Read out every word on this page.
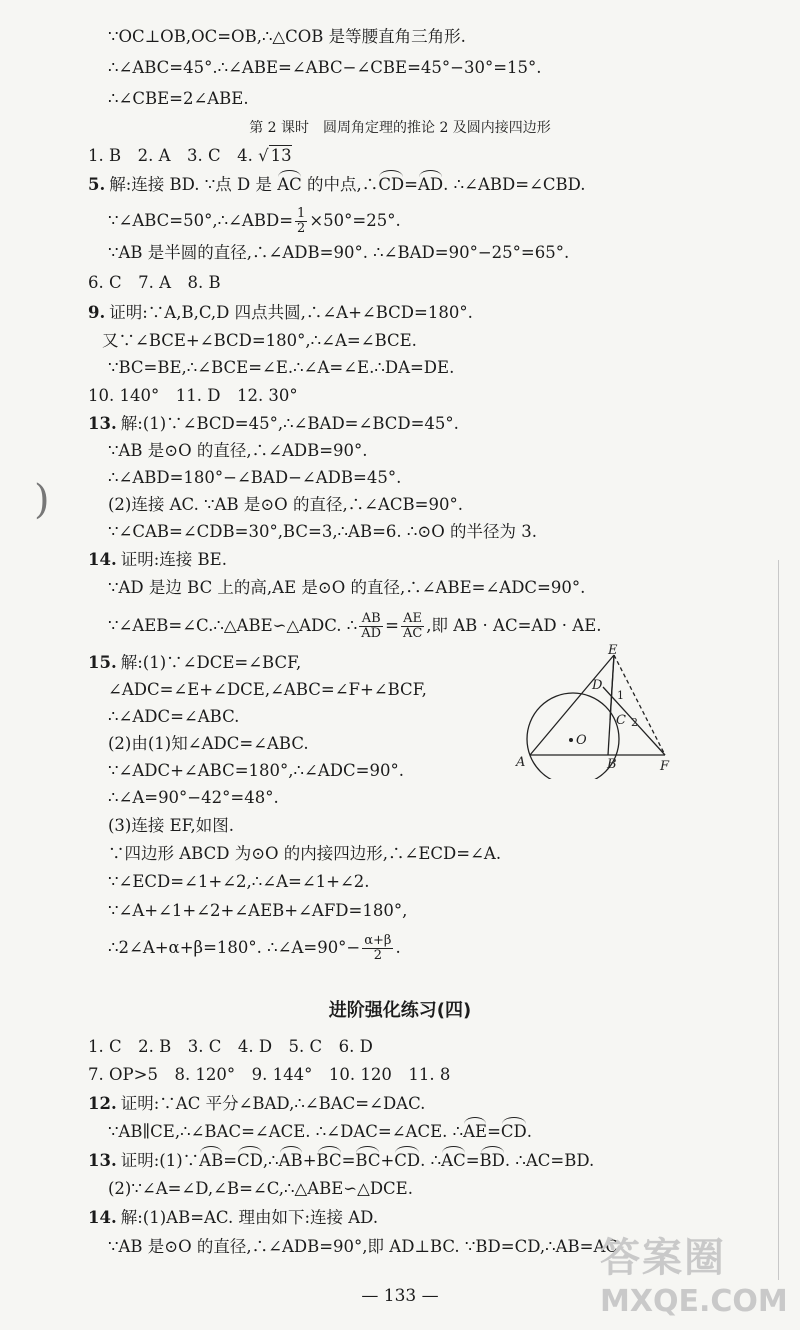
∵OC⊥OB,OC=OB,∴△COB 是等腰直角三角形.
∴∠ABC=45°.∴∠ABE=∠ABC−∠CBE=45°−30°=15°.
∴∠CBE=2∠ABE.
第 2 课时　圆周角定理的推论 2 及圆内接四边形
1. B　2. A　3. C　4. √ 13
5. 解:连接 BD. ∵点 D 是 AC 的中点,∴CD=AD. ∴∠ABD=∠CBD.
∵∠ABC=50°,∴∠ABD= $\frac{1}{2} \times 50^\circ=25^\circ$.
∵AB 是半圆的直径,∴∠ADB=90°. ∴∠BAD=90°−25°=65°.
6. C　7. A　8. B
9. 证明:∵A,B,C,D 四点共圆,∴∠A+∠BCD=180°.
又∵∠BCE+∠BCD=180°,∴∠A=∠BCE.
∵BC=BE,∴∠BCE=∠E.∴∠A=∠E.∴DA=DE.
10. 140°　11. D　12. 30°
13. 解:(1)∵∠BCD=45°,∴∠BAD=∠BCD=45°.
∵AB 是⊙O 的直径,∴∠ADB=90°.
∴∠ABD=180°−∠BAD−∠ADB=45°.
(2)连接 AC. ∵AB 是⊙O 的直径,∴∠ACB=90°.
∵∠CAB=∠CDB=30°,BC=3,∴AB=6. ∴⊙O 的半径为 3.
14. 证明:连接 BE.
∵AD 是边 BC 上的高,AE 是⊙O 的直径,∴∠ABE=∠ADC=90°.
∵∠AEB=∠C.∴△ABE∽△ADC. ∴ $\frac{AB}{AD} = \frac{AE}{AC}$ ,即 AB · AC=AD · AE.
15. 解:(1)∵∠DCE=∠BCF,
∠ADC=∠E+∠DCE,∠ABC=∠F+∠BCF,
∴∠ADC=∠ABC.
(2)由(1)知∠ADC=∠ABC.
∵∠ADC+∠ABC=180°,∴∠ADC=90°.
∴∠A=90°−42°=48°.
(3)连接 EF,如图.
∵四边形 ABCD 为⊙O 的内接四边形,∴∠ECD=∠A.
∵∠ECD=∠1+∠2,∴∠A=∠1+∠2.
∵∠A+∠1+∠2+∠AEB+∠AFD=180°,
∴2∠A+α+β=180°. ∴∠A=90°− $\frac{\alpha+\beta}{2}$ .
E
D
C
O
A	B	F
1
2
进阶强化练习(四)
1. C　2. B　3. C　4. D　5. C　6. D
7. OP>5　8. 120°　9. 144°　10. 120　11. 8
12. 证明:∵AC 平分∠BAD,∴∠BAC=∠DAC.
∵AB∥CE,∴∠BAC=∠ACE. ∴∠DAC=∠ACE. ∴AE=CD.
13. 证明:(1)∵AB=CD,∴AB+BC=BC+CD. ∴AC=BD. ∴AC=BD.
(2)∵∠A=∠D,∠B=∠C,∴△ABE∽△DCE.
14. 解:(1)AB=AC. 理由如下:连接 AD.
∵AB 是⊙O 的直径,∴∠ADB=90°,即 AD⊥BC. ∵BD=CD,∴AB=AC
— 133 —
)
答案圈
MXQE.COM
